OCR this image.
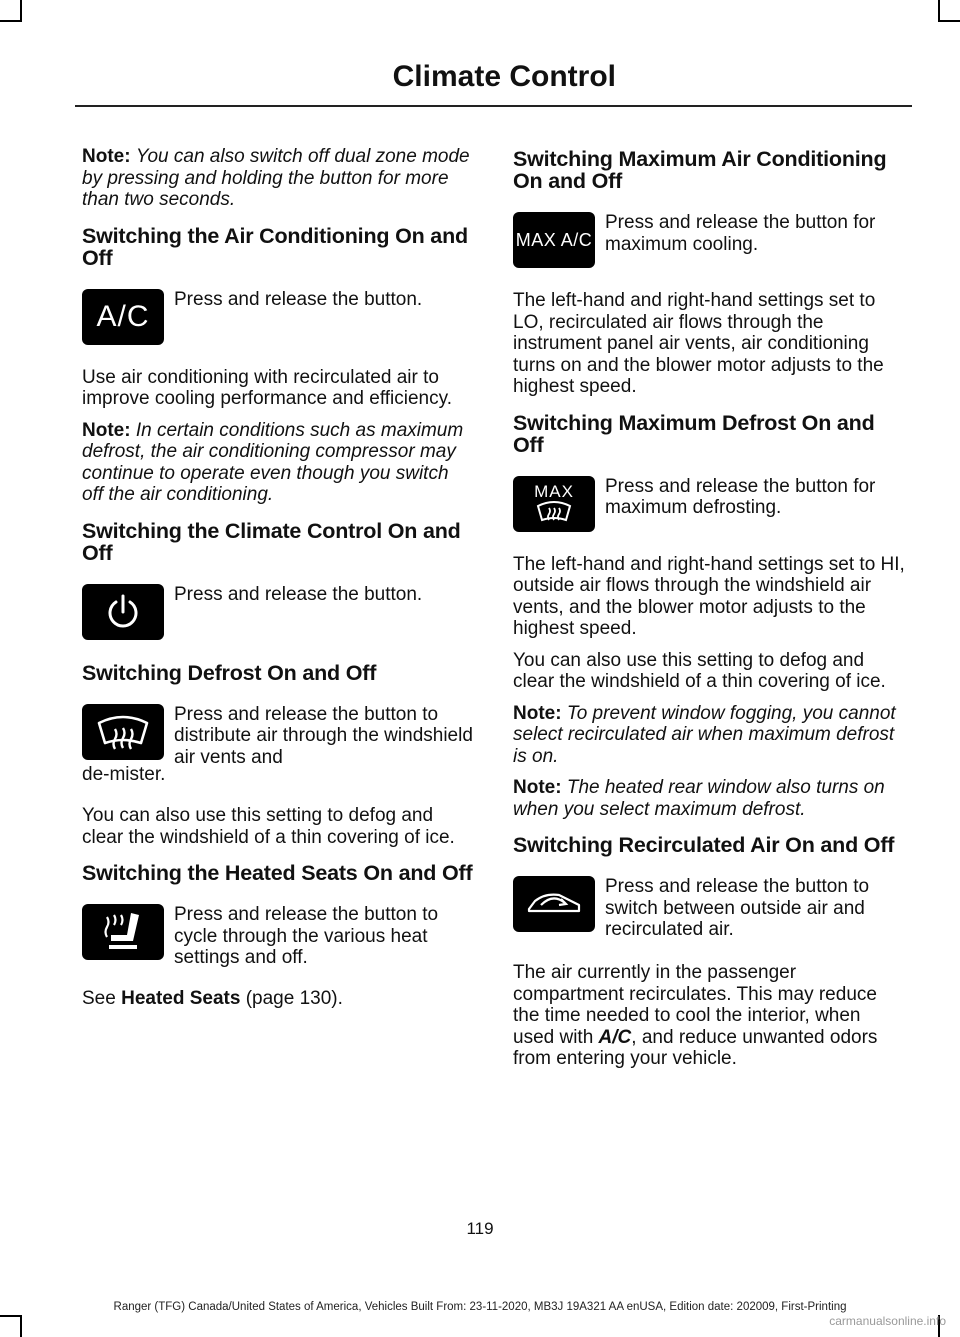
Climate Control

Note: You can also switch off dual zone mode by pressing and holding the button for more than two seconds.

Switching the Air Conditioning On and Off
A/C
Press and release the button.

Use air conditioning with recirculated air to improve cooling performance and efficiency.

Note: In certain conditions such as maximum defrost, the air conditioning compressor may continue to operate even though you switch off the air conditioning.

Switching the Climate Control On and Off
Press and release the button.
Switching Defrost On and Off
Press and release the button to distribute air through the windshield air vents and

de-mister.

You can also use this setting to defog and clear the windshield of a thin covering of ice.

Switching the Heated Seats On and Off
Press and release the button to cycle through the various heat settings and off.

See Heated Seats (page 130).

Switching Maximum Air Conditioning On and Off
MAX A/C
Press and release the button for maximum cooling.

The left-hand and right-hand settings set to LO, recirculated air flows through the instrument panel air vents, air conditioning turns on and the blower motor adjusts to the highest speed.

Switching Maximum Defrost On and Off
MAX Press and release the button for maximum defrosting.

The left-hand and right-hand settings set to HI, outside air flows through the windshield air vents, and the blower motor adjusts to the highest speed.

You can also use this setting to defog and clear the windshield of a thin covering of ice.

Note: To prevent window fogging, you cannot select recirculated air when maximum defrost is on.

Note: The heated rear window also turns on when you select maximum defrost.

Switching Recirculated Air On and Off
Press and release the button to switch between outside air and recirculated air.

The air currently in the passenger compartment recirculates. This may reduce the time needed to cool the interior, when used with A/C, and reduce unwanted odors from entering your vehicle.

119
Ranger (TFG) Canada/United States of America, Vehicles Built From: 23-11-2020, MB3J 19A321 AA enUSA, Edition date: 202009, First-Printing
carmanualsonline.info
